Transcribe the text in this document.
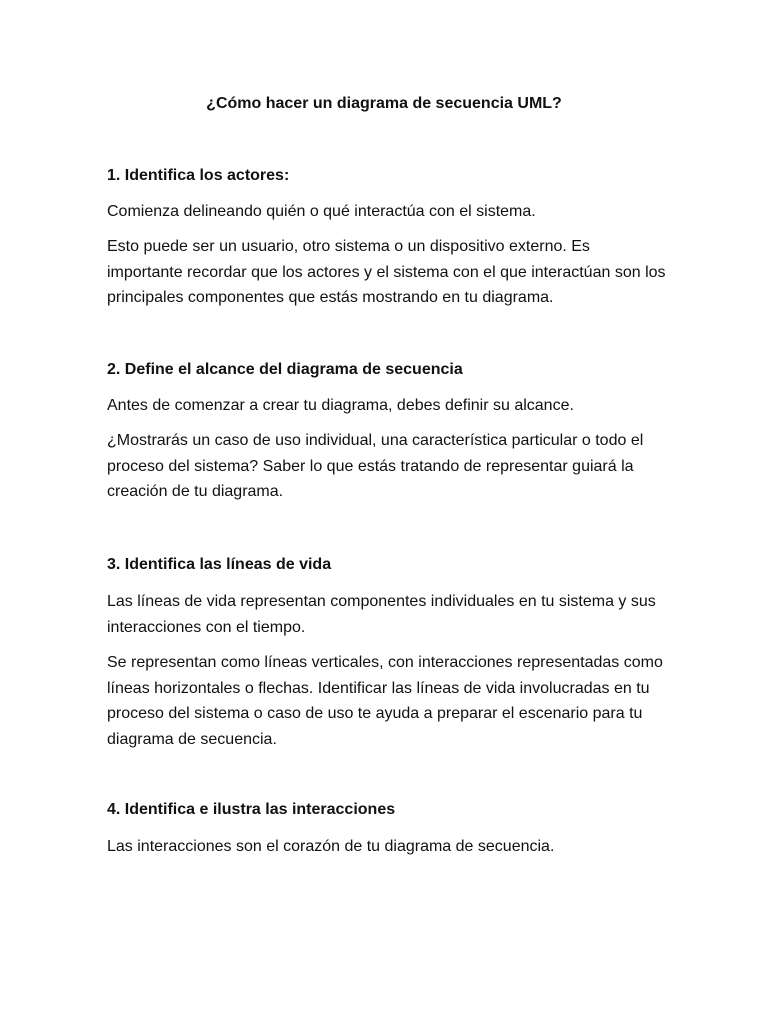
¿Cómo hacer un diagrama de secuencia UML?
1. Identifica los actores:
Comienza delineando quién o qué interactúa con el sistema.
Esto puede ser un usuario, otro sistema o un dispositivo externo. Es importante recordar que los actores y el sistema con el que interactúan son los principales componentes que estás mostrando en tu diagrama.
2. Define el alcance del diagrama de secuencia
Antes de comenzar a crear tu diagrama, debes definir su alcance.
¿Mostrarás un caso de uso individual, una característica particular o todo el proceso del sistema? Saber lo que estás tratando de representar guiará la creación de tu diagrama.
3. Identifica las líneas de vida
Las líneas de vida representan componentes individuales en tu sistema y sus interacciones con el tiempo.
Se representan como líneas verticales, con interacciones representadas como líneas horizontales o flechas. Identificar las líneas de vida involucradas en tu proceso del sistema o caso de uso te ayuda a preparar el escenario para tu diagrama de secuencia.
4. Identifica e ilustra las interacciones
Las interacciones son el corazón de tu diagrama de secuencia.
